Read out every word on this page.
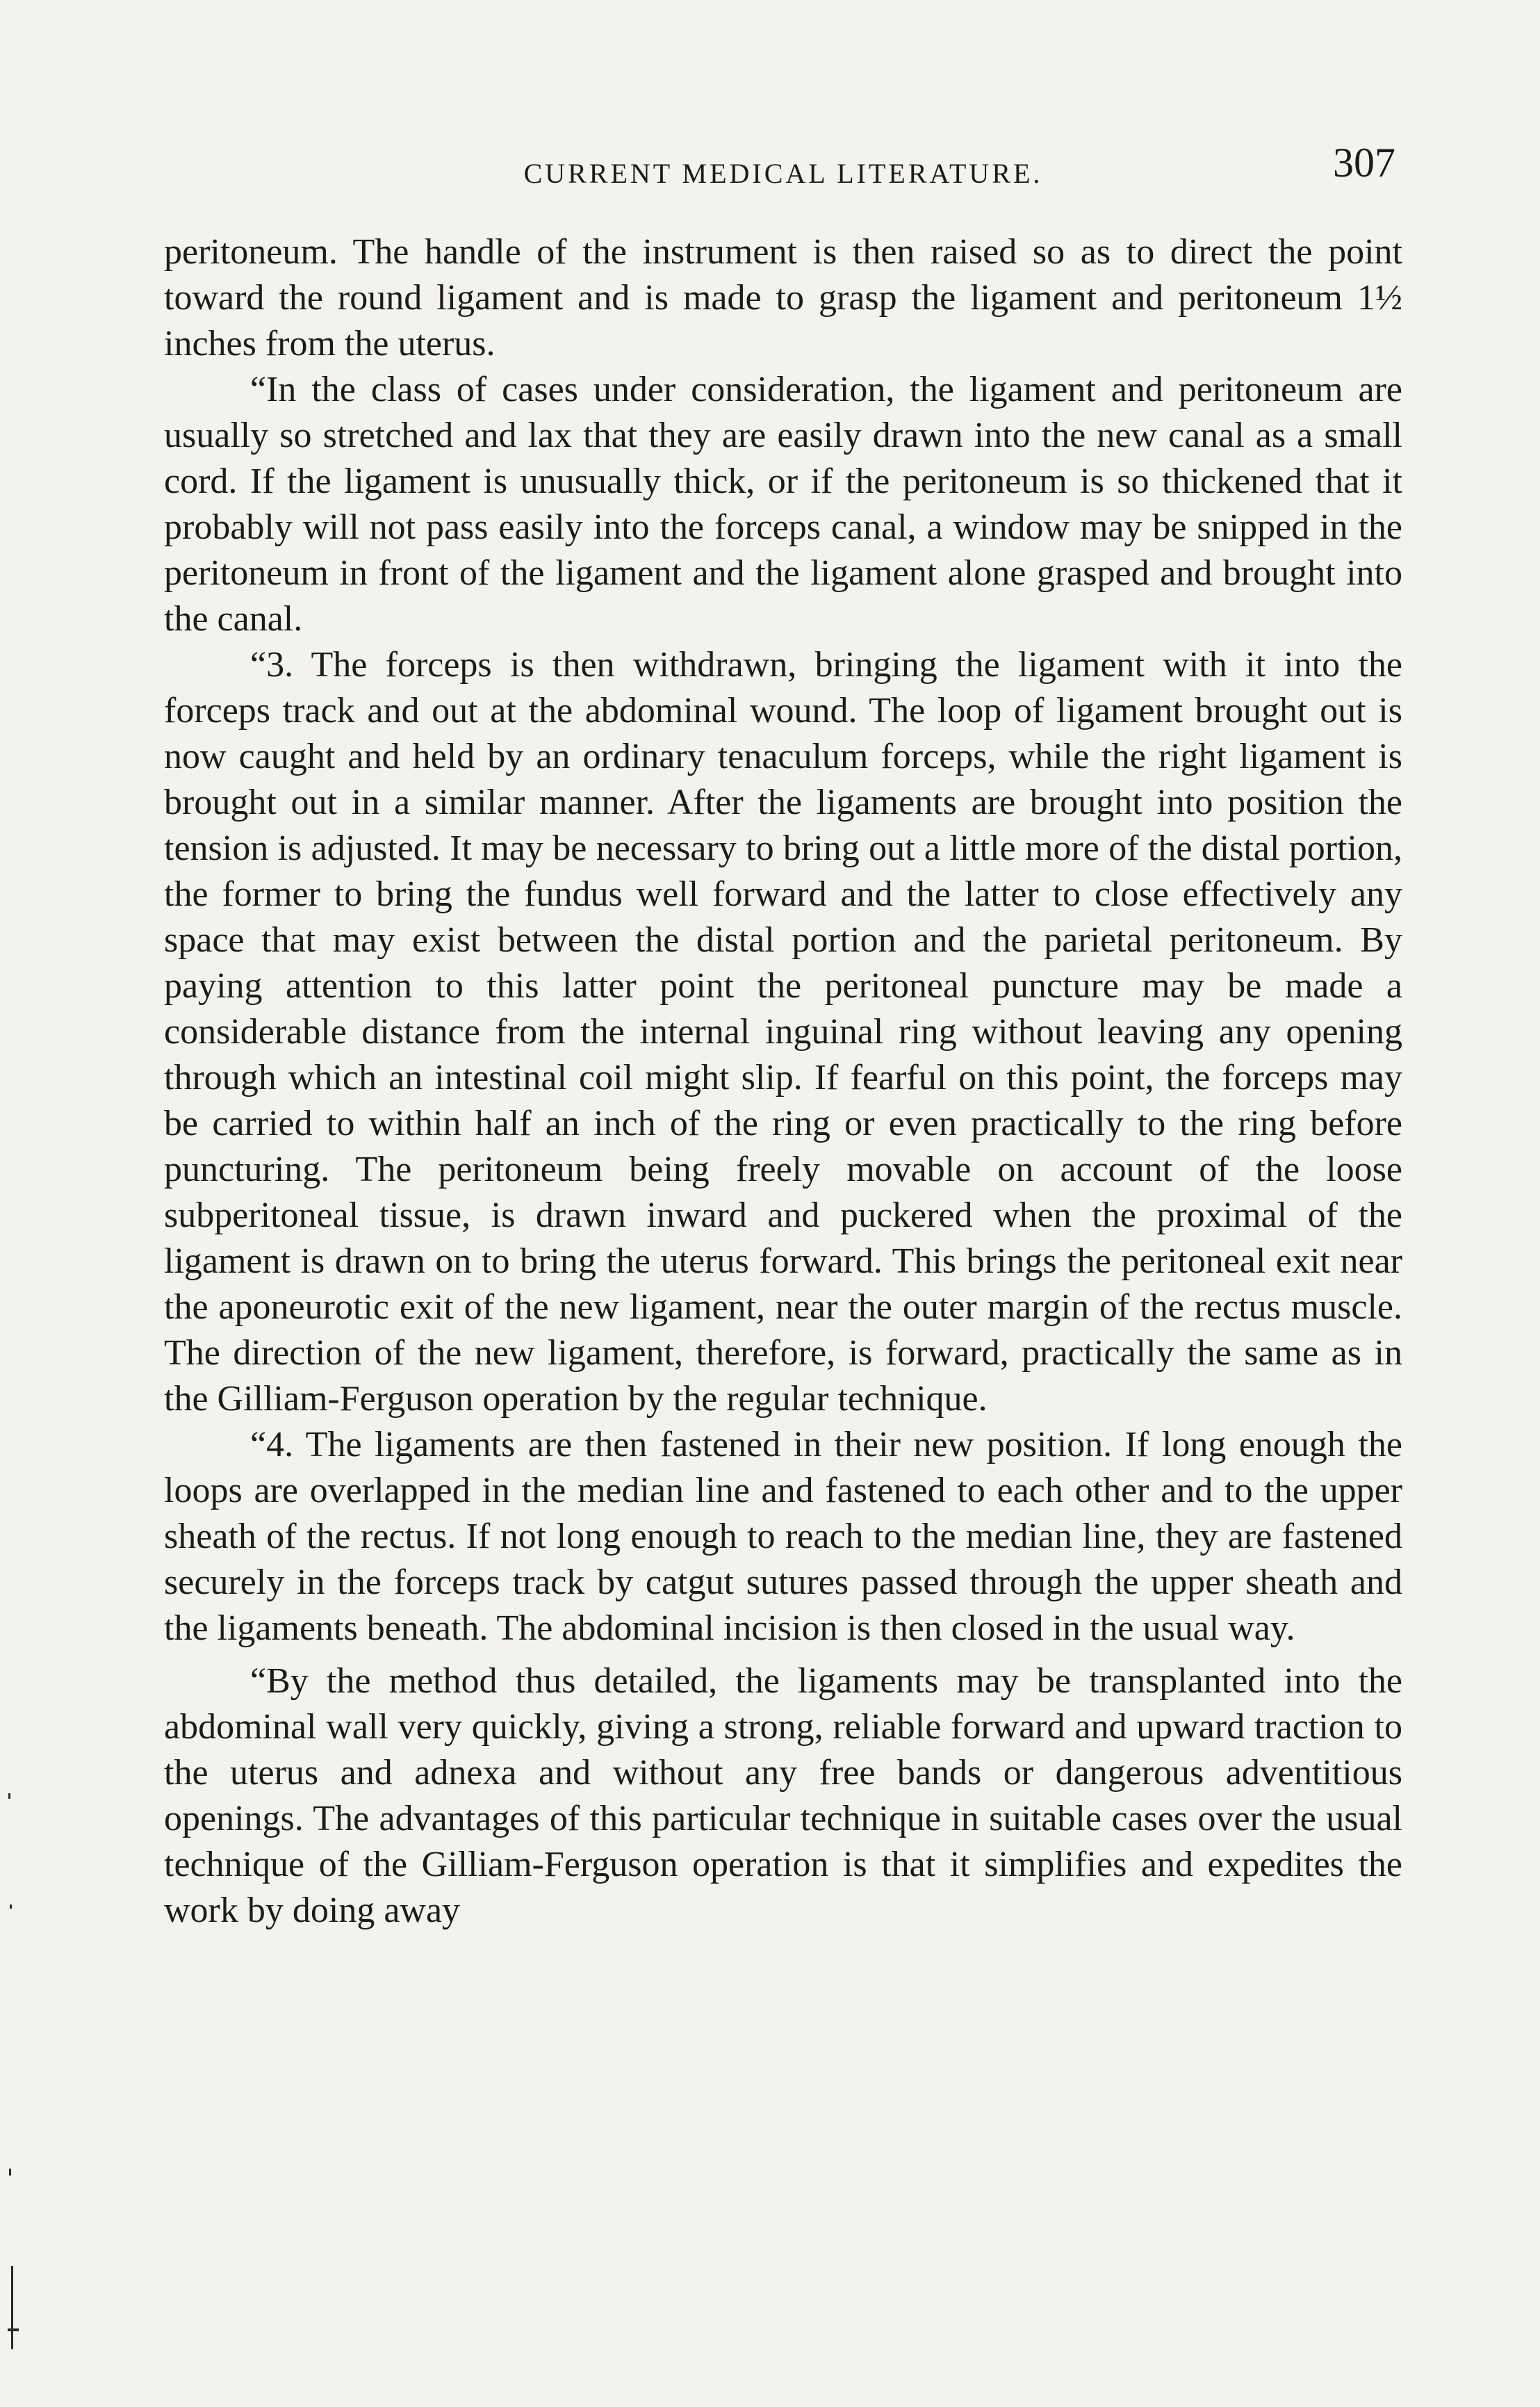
CURRENT MEDICAL LITERATURE.	307

peritoneum. The handle of the instrument is then raised so as to direct the point toward the round ligament and is made to grasp the ligament and peritoneum 1½ inches from the uterus.

“In the class of cases under consideration, the ligament and peritoneum are usually so stretched and lax that they are easily drawn into the new canal as a small cord. If the ligament is unusually thick, or if the peritoneum is so thickened that it probably will not pass easily into the forceps canal, a window may be snipped in the peritoneum in front of the ligament and the ligament alone grasped and brought into the canal.

“3. The forceps is then withdrawn, bringing the ligament with it into the forceps track and out at the abdominal wound. The loop of ligament brought out is now caught and held by an ordinary tenaculum forceps, while the right ligament is brought out in a similar manner. After the ligaments are brought into position the tension is adjusted. It may be necessary to bring out a little more of the distal portion, the former to bring the fundus well forward and the latter to close effectively any space that may exist between the distal portion and the parietal peritoneum. By paying attention to this latter point the peritoneal puncture may be made a considerable distance from the internal inguinal ring without leaving any opening through which an intestinal coil might slip. If fearful on this point, the forceps may be carried to within half an inch of the ring or even practically to the ring before puncturing. The peritoneum being freely movable on account of the loose subperitoneal tissue, is drawn inward and puckered when the proximal of the ligament is drawn on to bring the uterus forward. This brings the peritoneal exit near the aponeurotic exit of the new ligament, near the outer margin of the rectus muscle. The direction of the new ligament, therefore, is forward, practically the same as in the Gilliam-Ferguson operation by the regular technique.

“4. The ligaments are then fastened in their new position. If long enough the loops are overlapped in the median line and fastened to each other and to the upper sheath of the rectus. If not long enough to reach to the median line, they are fastened securely in the forceps track by catgut sutures passed through the upper sheath and the ligaments beneath. The abdominal incision is then closed in the usual way.

“By the method thus detailed, the ligaments may be transplanted into the abdominal wall very quickly, giving a strong, reliable forward and upward traction to the uterus and adnexa and without any free bands or dangerous adventitious openings. The advantages of this particular technique in suitable cases over the usual technique of the Gilliam-Ferguson operation is that it simplifies and expedites the work by doing away
